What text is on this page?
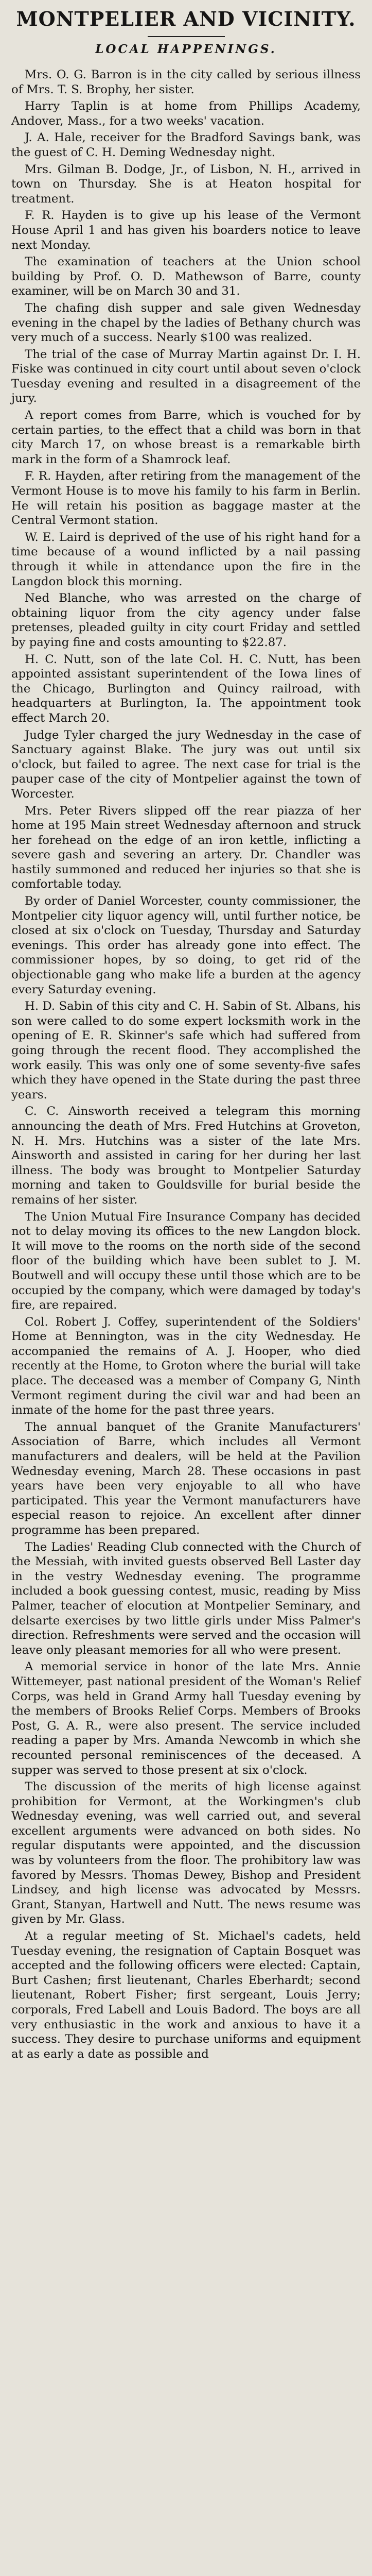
MONTPELIER AND VICINITY.
LOCAL HAPPENINGS.

Mrs. O. G. Barron is in the city called by serious illness of Mrs. T. S. Brophy, her sister.

Harry Taplin is at home from Phillips Academy, Andover, Mass., for a two weeks' vacation.

J. A. Hale, receiver for the Bradford Savings bank, was the guest of C. H. Deming Wednesday night.

Mrs. Gilman B. Dodge, Jr., of Lisbon, N. H., arrived in town on Thursday. She is at Heaton hospital for treatment.

F. R. Hayden is to give up his lease of the Vermont House April 1 and has given his boarders notice to leave next Monday.

The examination of teachers at the Union school building by Prof. O. D. Mathewson of Barre, county examiner, will be on March 30 and 31.

The chafing dish supper and sale given Wednesday evening in the chapel by the ladies of Bethany church was very much of a success. Nearly $100 was realized.

The trial of the case of Murray Martin against Dr. I. H. Fiske was continued in city court until about seven o'clock Tuesday evening and resulted in a disagreement of the jury.

A report comes from Barre, which is vouched for by certain parties, to the effect that a child was born in that city March 17, on whose breast is a remarkable birth mark in the form of a Shamrock leaf.

F. R. Hayden, after retiring from the management of the Vermont House is to move his family to his farm in Berlin. He will retain his position as baggage master at the Central Vermont station.

W. E. Laird is deprived of the use of his right hand for a time because of a wound inflicted by a nail passing through it while in attendance upon the fire in the Langdon block this morning.

Ned Blanche, who was arrested on the charge of obtaining liquor from the city agency under false pretenses, pleaded guilty in city court Friday and settled by paying fine and costs amounting to $22.87.

H. C. Nutt, son of the late Col. H. C. Nutt, has been appointed assistant superintendent of the Iowa lines of the Chicago, Burlington and Quincy railroad, with headquarters at Burlington, Ia. The appointment took effect March 20.

Judge Tyler charged the jury Wednesday in the case of Sanctuary against Blake. The jury was out until six o'clock, but failed to agree. The next case for trial is the pauper case of the city of Montpelier against the town of Worcester.

Mrs. Peter Rivers slipped off the rear piazza of her home at 195 Main street Wednesday afternoon and struck her forehead on the edge of an iron kettle, inflicting a severe gash and severing an artery. Dr. Chandler was hastily summoned and reduced her injuries so that she is comfortable today.

By order of Daniel Worcester, county commissioner, the Montpelier city liquor agency will, until further notice, be closed at six o'clock on Tuesday, Thursday and Saturday evenings. This order has already gone into effect. The commissioner hopes, by so doing, to get rid of the objectionable gang who make life a burden at the agency every Saturday evening.

H. D. Sabin of this city and C. H. Sabin of St. Albans, his son were called to do some expert locksmith work in the opening of E. R. Skinner's safe which had suffered from going through the recent flood. They accomplished the work easily. This was only one of some seventy-five safes which they have opened in the State during the past three years.

C. C. Ainsworth received a telegram this morning announcing the death of Mrs. Fred Hutchins at Groveton, N. H. Mrs. Hutchins was a sister of the late Mrs. Ainsworth and assisted in caring for her during her last illness. The body was brought to Montpelier Saturday morning and taken to Gouldsville for burial beside the remains of her sister.

The Union Mutual Fire Insurance Company has decided not to delay moving its offices to the new Langdon block. It will move to the rooms on the north side of the second floor of the building which have been sublet to J. M. Boutwell and will occupy these until those which are to be occupied by the company, which were damaged by today's fire, are repaired.

Col. Robert J. Coffey, superintendent of the Soldiers' Home at Bennington, was in the city Wednesday. He accompanied the remains of A. J. Hooper, who died recently at the Home, to Groton where the burial will take place. The deceased was a member of Company G, Ninth Vermont regiment during the civil war and had been an inmate of the home for the past three years.

The annual banquet of the Granite Manufacturers' Association of Barre, which includes all Vermont manufacturers and dealers, will be held at the Pavilion Wednesday evening, March 28. These occasions in past years have been very enjoyable to all who have participated. This year the Vermont manufacturers have especial reason to rejoice. An excellent after dinner programme has been prepared.

The Ladies' Reading Club connected with the Church of the Messiah, with invited guests observed Bell Laster day in the vestry Wednesday evening. The programme included a book guessing contest, music, reading by Miss Palmer, teacher of elocution at Montpelier Seminary, and delsarte exercises by two little girls under Miss Palmer's direction. Refreshments were served and the occasion will leave only pleasant memories for all who were present.

A memorial service in honor of the late Mrs. Annie Wittemeyer, past national president of the Woman's Relief Corps, was held in Grand Army hall Tuesday evening by the members of Brooks Relief Corps. Members of Brooks Post, G. A. R., were also present. The service included reading a paper by Mrs. Amanda Newcomb in which she recounted personal reminiscences of the deceased. A supper was served to those present at six o'clock.

The discussion of the merits of high license against prohibition for Vermont, at the Workingmen's club Wednesday evening, was well carried out, and several excellent arguments were advanced on both sides. No regular disputants were appointed, and the discussion was by volunteers from the floor. The prohibitory law was favored by Messrs. Thomas Dewey, Bishop and President Lindsey, and high license was advocated by Messrs. Grant, Stanyan, Hartwell and Nutt. The news resume was given by Mr. Glass.

At a regular meeting of St. Michael's cadets, held Tuesday evening, the resignation of Captain Bosquet was accepted and the following officers were elected: Captain, Burt Cashen; first lieutenant, Charles Eberhardt; second lieutenant, Robert Fisher; first sergeant, Louis Jerry; corporals, Fred Labell and Louis Badord. The boys are all very enthusiastic in the work and anxious to have it a success. They desire to purchase uniforms and equipment at as early a date as possible and
